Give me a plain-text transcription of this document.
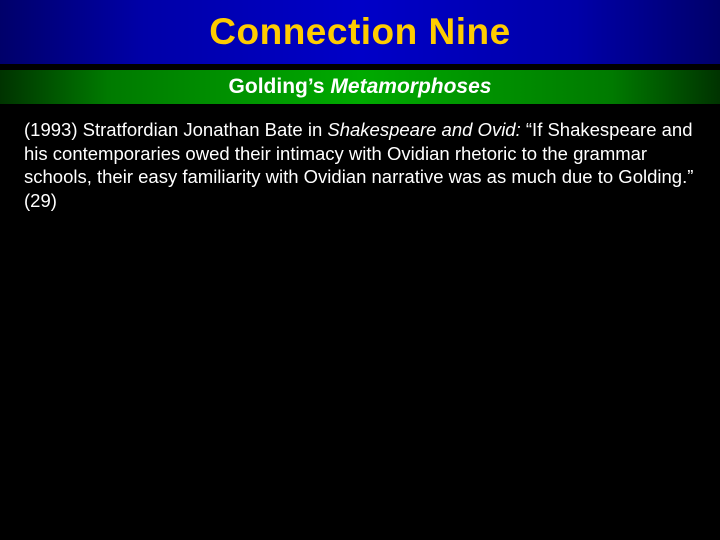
Connection Nine
Golding’s Metamorphoses
(1993) Stratfordian Jonathan Bate in Shakespeare and Ovid: “If Shakespeare and his contemporaries owed their intimacy with Ovidian rhetoric to the grammar schools, their easy familiarity with Ovidian narrative was as much due to Golding.” (29)
